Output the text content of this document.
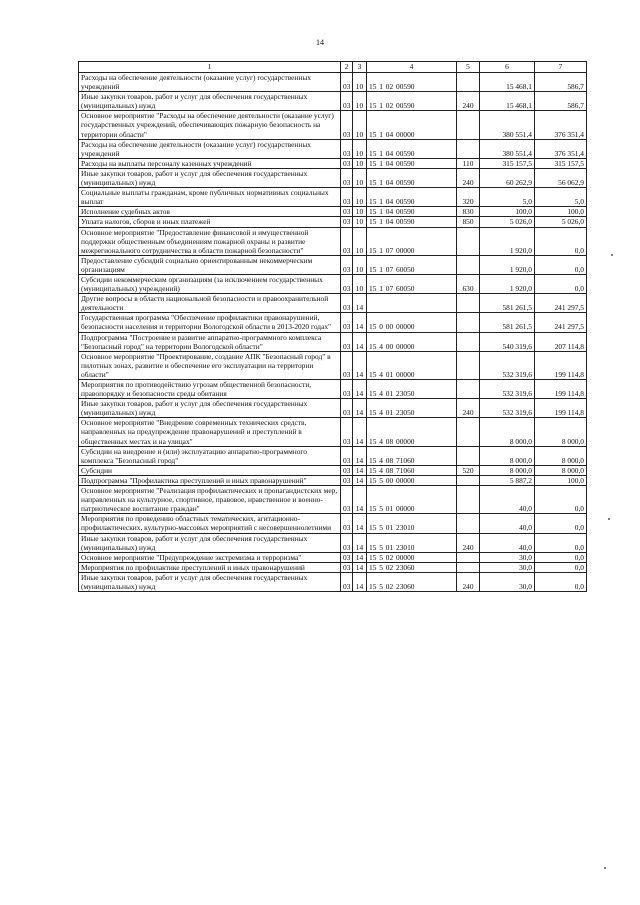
14
1	2	3	4	5	6	7
Расходы на обеспечение деятельности (оказание услуг) государственных учреждений	03	10	15 1 02 00590		15 468,1	586,7
Иные закупки товаров, работ и услуг для обеспечения государственных (муниципальных) нужд	03	10	15 1 02 00590	240	15 468,1	586,7
Основное мероприятие "Расходы на обеспечение деятельности (оказание услуг) государственных учреждений, обеспечивающих пожарную безопасность на территории области"	03	10	15 1 04 00000		380 551,4	376 351,4
Расходы на обеспечение деятельности (оказание услуг) государственных учреждений	03	10	15 1 04 00590		380 551,4	376 351,4
Расходы на выплаты персоналу казенных учреждений	03	10	15 1 04 00590	110	315 157,5	315 157,5
Иные закупки товаров, работ и услуг для обеспечения государственных (муниципальных) нужд	03	10	15 1 04 00590	240	60 262,9	56 062,9
Социальные выплаты гражданам, кроме публичных нормативных социальных выплат	03	10	15 1 04 00590	320	5,0	5,0
Исполнение судебных актов	03	10	15 1 04 00590	830	100,0	100,0
Уплата налогов, сборов и иных платежей	03	10	15 1 04 00590	850	5 026,0	5 026,0
Основное мероприятие "Предоставление финансовой и имущественной поддержки общественным объединениям пожарной охраны и развитие межрегионального сотрудничества в области пожарной безопасности"	03	10	15 1 07 00000		1 920,0	0,0
Предоставление субсидий социально ориентированным некоммерческим организациям	03	10	15 1 07 60050		1 920,0	0,0
Субсидии некоммерческим организациям (за исключением государственных (муниципальных) учреждений)	03	10	15 1 07 60050	630	1 920,0	0,0
Другие вопросы в области национальной безопасности и правоохранительной деятельности	03	14			581 261,5	241 297,5
Государственная программа "Обеспечение профилактики правонарушений, безопасности населения и территории Вологодской области в 2013-2020 годах"	03	14	15 0 00 00000		581 261,5	241 297,5
Подпрограмма "Построение и развитие аппаратно-программного комплекса "Безопасный город" на территории Вологодской области"	03	14	15 4 00 00000		540 319,6	207 114,8
Основное мероприятие "Проектирование, создание АПК "Безопасный город" в пилотных зонах, развитие и обеспечение его эксплуатации на территории области"	03	14	15 4 01 00000		532 319,6	199 114,8
Мероприятия по противодействию угрозам общественной безопасности, правопорядку и безопасности среды обитания	03	14	15 4 01 23050		532 319,6	199 114,8
Иные закупки товаров, работ и услуг для обеспечения государственных (муниципальных) нужд	03	14	15 4 01 23050	240	532 319,6	199 114,8
Основное мероприятие "Внедрение современных технических средств, направленных на предупреждение правонарушений и преступлений в общественных местах и на улицах"	03	14	15 4 08 00000		8 000,0	8 000,0
Субсидии на внедрение и (или) эксплуатацию аппаратно-программного комплекса "Безопасный город"	03	14	15 4 08 71060		8 000,0	8 000,0
Субсидии	03	14	15 4 08 71060	520	8 000,0	8 000,0
Подпрограмма "Профилактика преступлений и иных правонарушений"	03	14	15 5 00 00000		5 887,2	100,0
Основное мероприятие "Реализация профилактических и пропагандистских мер, направленных на культурное, спортивное, правовое, нравственное и военно-патриотическое воспитание граждан"	03	14	15 5 01 00000		40,0	0,0
Мероприятия по проведению областных тематических, агитационно-профилактических, культурно-массовых мероприятий с несовершеннолетними	03	14	15 5 01 23010		40,0	0,0
Иные закупки товаров, работ и услуг для обеспечения государственных (муниципальных) нужд	03	14	15 5 01 23010	240	40,0	0,0
Основное мероприятие "Предупреждение экстремизма и терроризма"	03	14	15 5 02 00000		30,0	0,0
Мероприятия по профилактике преступлений и иных правонарушений	03	14	15 5 02 23060		30,0	0,0
Иные закупки товаров, работ и услуг для обеспечения государственных (муниципальных) нужд	03	14	15 5 02 23060	240	30,0	0,0
